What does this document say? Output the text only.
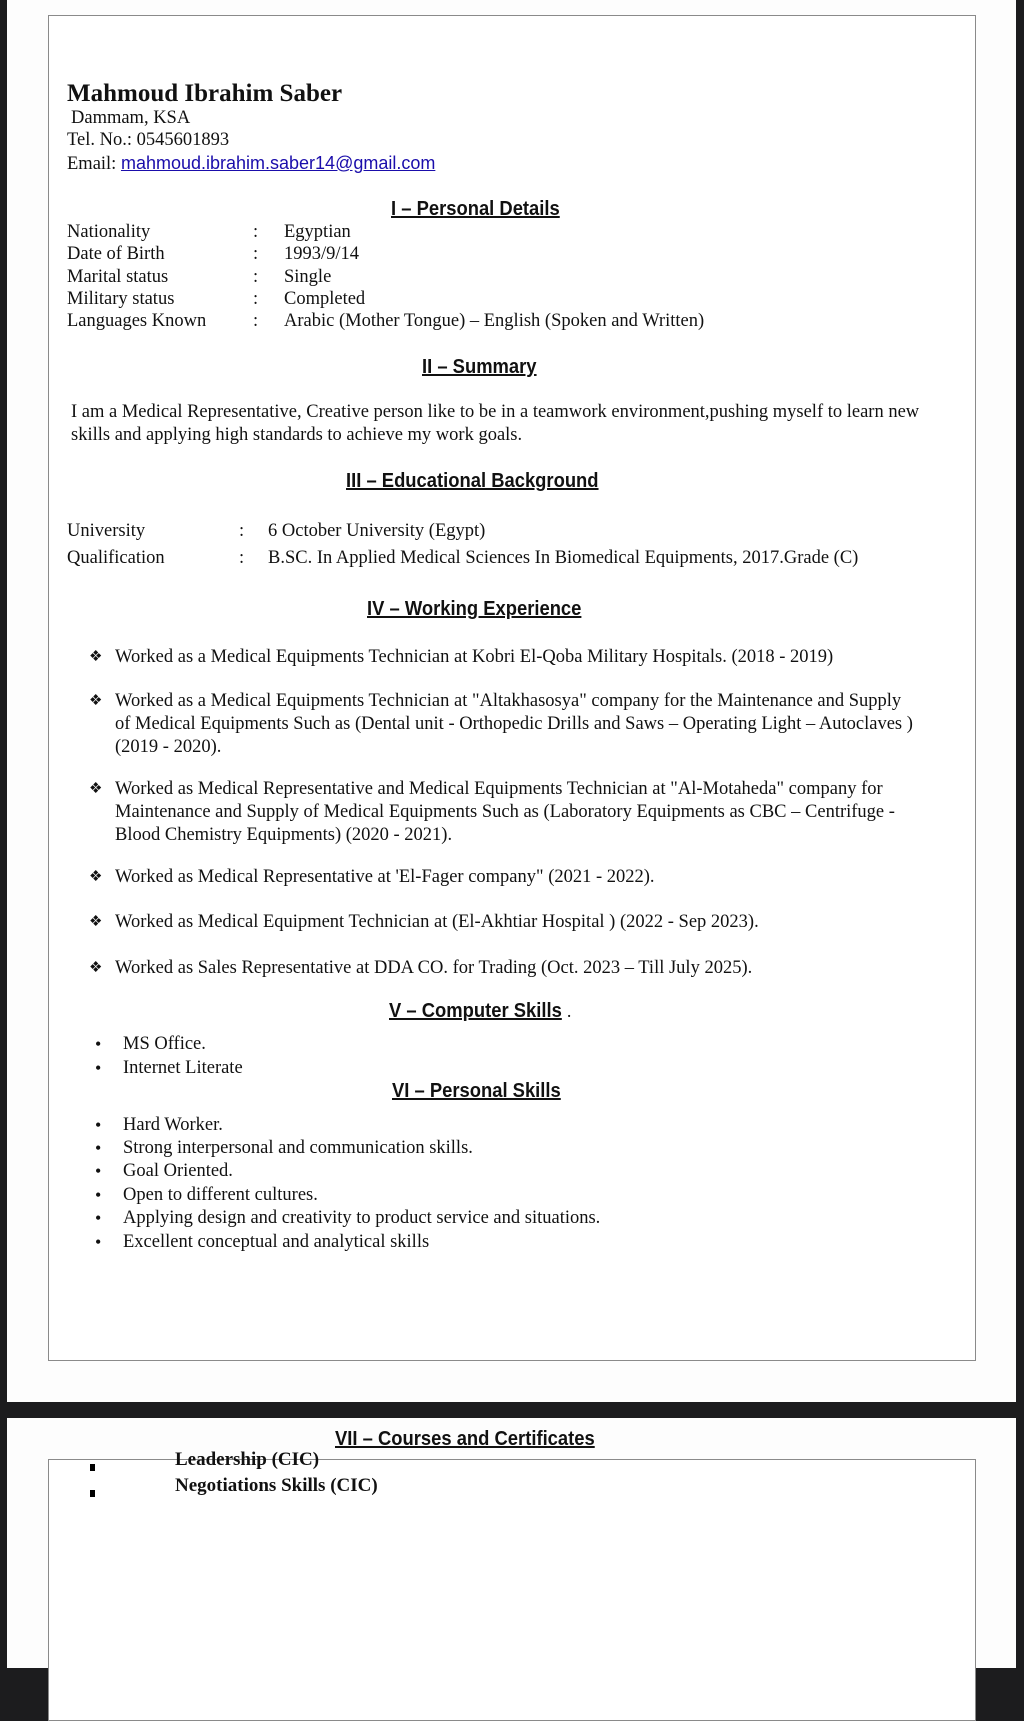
Mahmoud Ibrahim Saber
Dammam, KSA
Tel. No.: 0545601893
Email: mahmoud.ibrahim.saber14@gmail.com
I – Personal Details
Nationality	: Egyptian
Date of Birth	: 1993/9/14
Marital status	: Single
Military status	: Completed
Languages Known	: Arabic (Mother Tongue) – English (Spoken and Written)
II – Summary
I am a Medical Representative, Creative person like to be in a teamwork environment,pushing myself to learn new skills and applying high standards to achieve my work goals.
III – Educational Background
University	: 6 October University (Egypt)
Qualification	: B.SC. In Applied Medical Sciences In Biomedical Equipments, 2017.Grade (C)
IV – Working Experience
❖ Worked as a Medical Equipments Technician at Kobri El-Qoba Military Hospitals. (2018 - 2019)
❖ Worked as a Medical Equipments Technician at "Altakhasosya" company for the Maintenance and Supply of Medical Equipments Such as (Dental unit - Orthopedic Drills and Saws – Operating Light – Autoclaves ) (2019 - 2020).
❖ Worked as Medical Representative and Medical Equipments Technician at "Al-Motaheda" company for Maintenance and Supply of Medical Equipments Such as (Laboratory Equipments as CBC – Centrifuge - Blood Chemistry Equipments) (2020 - 2021).
❖ Worked as Medical Representative at 'El-Fager company" (2021 - 2022).
❖ Worked as Medical Equipment Technician at (El-Akhtiar Hospital ) (2022 - Sep 2023).
❖ Worked as Sales Representative at DDA CO. for Trading (Oct. 2023 – Till July 2025).
V – Computer Skills .
• MS Office.
• Internet Literate
VI – Personal Skills
• Hard Worker.
• Strong interpersonal and communication skills.
• Goal Oriented.
• Open to different cultures.
• Applying design and creativity to product service and situations.
• Excellent conceptual and analytical skills
VII – Courses and Certificates
Leadership (CIC)
Negotiations Skills (CIC)
